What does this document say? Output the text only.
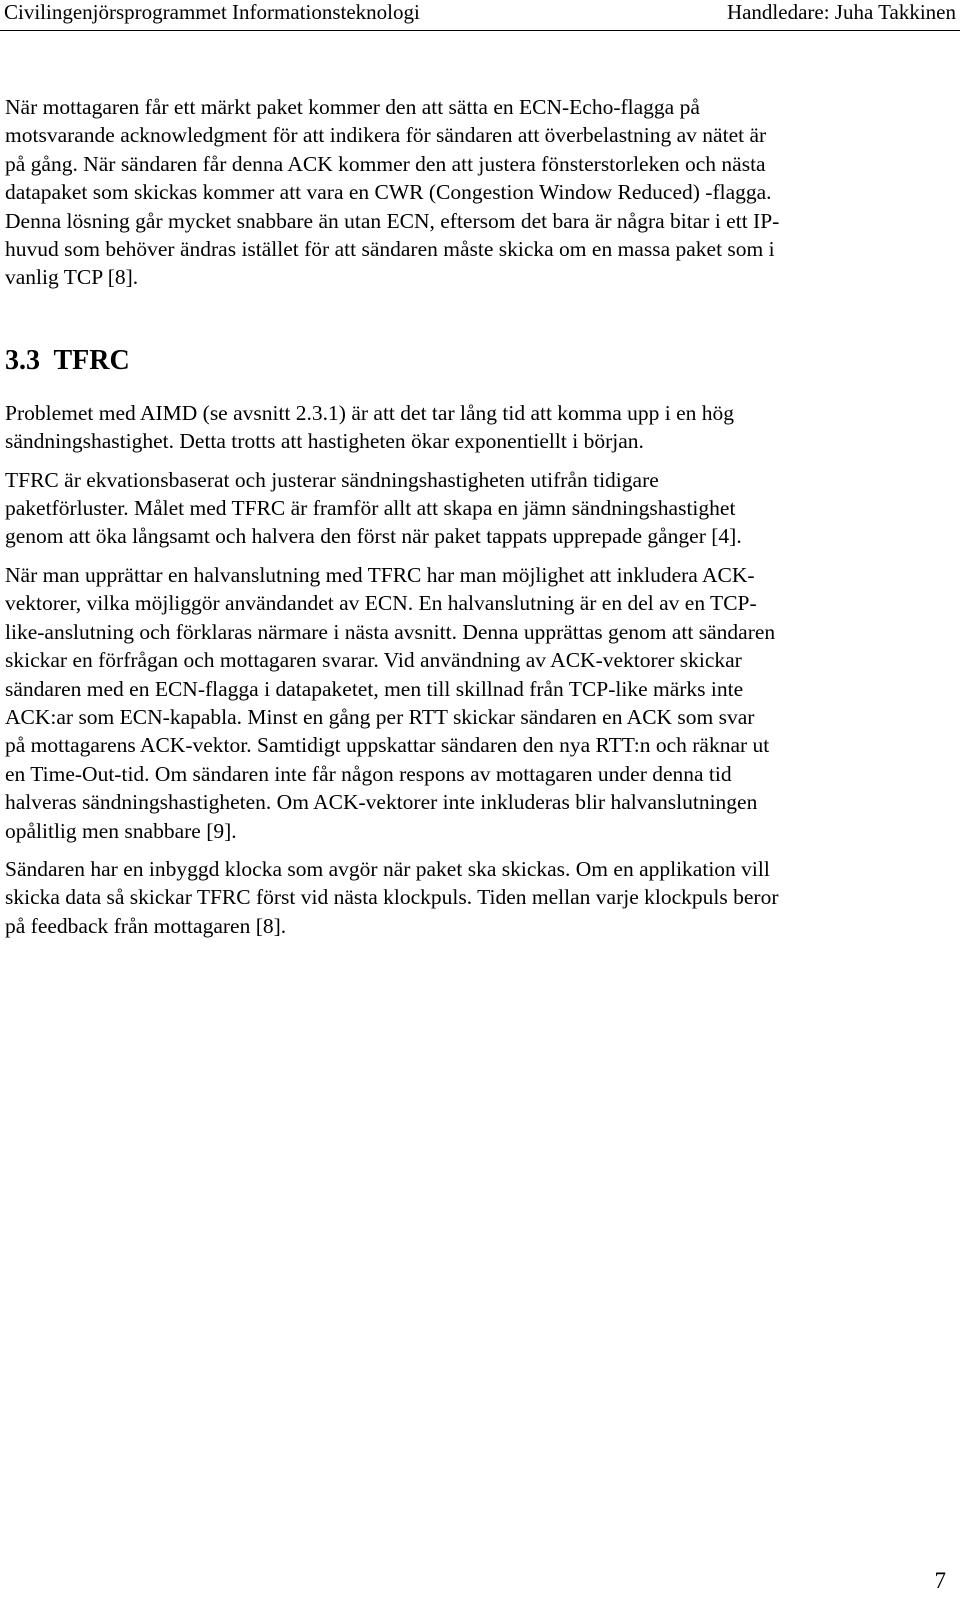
Civilingenjörsprogrammet Informationsteknologi	Handledare: Juha Takkinen

När mottagaren får ett märkt paket kommer den att sätta en ECN-Echo-flagga på motsvarande acknowledgment för att indikera för sändaren att överbelastning av nätet är på gång. När sändaren får denna ACK kommer den att justera fönsterstorleken och nästa datapaket som skickas kommer att vara en CWR (Congestion Window Reduced) -flagga. Denna lösning går mycket snabbare än utan ECN, eftersom det bara är några bitar i ett IP-huvud som behöver ändras istället för att sändaren måste skicka om en massa paket som i vanlig TCP [8].

3.3  TFRC

Problemet med AIMD (se avsnitt 2.3.1) är att det tar lång tid att komma upp i en hög sändningshastighet. Detta trotts att hastigheten ökar exponentiellt i början.

TFRC är ekvationsbaserat och justerar sändningshastigheten utifrån tidigare paketförluster. Målet med TFRC är framför allt att skapa en jämn sändningshastighet genom att öka långsamt och halvera den först när paket tappats upprepade gånger [4].

När man upprättar en halvanslutning med TFRC har man möjlighet att inkludera ACK-vektorer, vilka möjliggör användandet av ECN. En halvanslutning är en del av en TCP-like-anslutning och förklaras närmare i nästa avsnitt. Denna upprättas genom att sändaren skickar en förfrågan och mottagaren svarar. Vid användning av ACK-vektorer skickar sändaren med en ECN-flagga i datapaketet, men till skillnad från TCP-like märks inte ACK:ar som ECN-kapabla. Minst en gång per RTT skickar sändaren en ACK som svar på mottagarens ACK-vektor. Samtidigt uppskattar sändaren den nya RTT:n och räknar ut en Time-Out-tid. Om sändaren inte får någon respons av mottagaren under denna tid halveras sändningshastigheten. Om ACK-vektorer inte inkluderas blir halvanslutningen opålitlig men snabbare [9].

Sändaren har en inbyggd klocka som avgör när paket ska skickas. Om en applikation vill skicka data så skickar TFRC först vid nästa klockpuls. Tiden mellan varje klockpuls beror på feedback från mottagaren [8].

7
